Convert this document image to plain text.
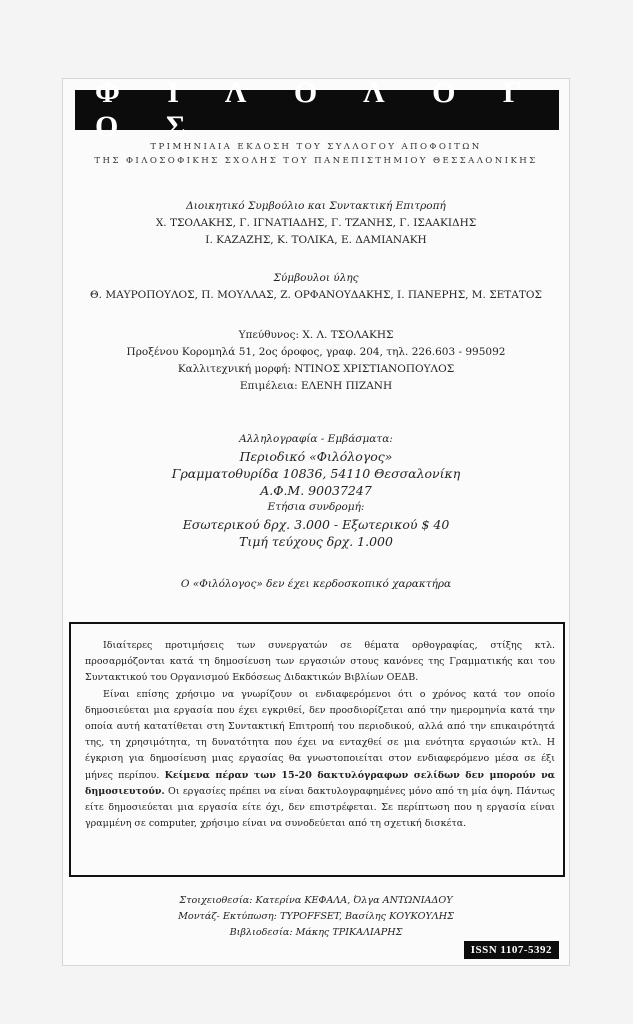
Φ Ι Λ Ο Λ Ο Γ Ο Σ
ΤΡΙΜΗΝΙΑΙΑ ΕΚΔΟΣΗ ΤΟΥ ΣΥΛΛΟΓΟΥ ΑΠΟΦΟΙΤΩΝ
ΤΗΣ ΦΙΛΟΣΟΦΙΚΗΣ ΣΧΟΛΗΣ ΤΟΥ ΠΑΝΕΠΙΣΤΗΜΙΟΥ ΘΕΣΣΑΛΟΝΙΚΗΣ
Διοικητικό Συμβούλιο και Συντακτική Επιτροπή
Χ. ΤΣΟΛΑΚΗΣ, Γ. ΙΓΝΑΤΙΑΔΗΣ, Γ. ΤΖΑΝΗΣ, Γ. ΙΣΑΑΚΙΔΗΣ
Ι. ΚΑΖΑΖΗΣ, Κ. ΤΟΛΙΚΑ, Ε. ΔΑΜΙΑΝΑΚΗ
Σύμβουλοι ύλης
Θ. ΜΑΥΡΟΠΟΥΛΟΣ, Π. ΜΟΥΛΛΑΣ, Ζ. ΟΡΦΑΝΟΥΔΑΚΗΣ, Ι. ΠΑΝΕΡΗΣ, Μ. ΣΕΤΑΤΟΣ
Υπεύθυνος: Χ. Λ. ΤΣΟΛΑΚΗΣ
Προξένου Κορομηλά 51, 2ος όροφος, γραφ. 204, τηλ. 226.603 - 995092
Καλλιτεχνική μορφή: ΝΤΙΝΟΣ ΧΡΙΣΤΙΑΝΟΠΟΥΛΟΣ
Επιμέλεια: ΕΛΕΝΗ ΠΙΖΑΝΗ
Αλληλογραφία - Εμβάσματα:
Περιοδικό «Φιλόλογος»
Γραμματοθυρίδα 10836, 54110 Θεσσαλονίκη
Α.Φ.Μ. 90037247
Ετήσια συνδρομή:
Εσωτερικού δρχ. 3.000 - Εξωτερικού $ 40
Τιμή τεύχους δρχ. 1.000
Ο «Φιλόλογος» δεν έχει κερδοσκοπικό χαρακτήρα

Ιδιαίτερες προτιμήσεις των συνεργατών σε θέματα ορθογραφίας, στίξης κτλ. προσαρμόζονται κατά τη δημοσίευση των εργασιών στους κανόνες της Γραμματικής και του Συντακτικού του Οργανισμού Εκδόσεως Διδακτικών Βιβλίων ΟΕΔΒ.

Είναι επίσης χρήσιμο να γνωρίζουν οι ενδιαφερόμενοι ότι ο χρόνος κατά τον οποίο δημοσιεύεται μια εργασία που έχει εγκριθεί, δεν προσδιορίζεται από την ημερομηνία κατά την οποία αυτή κατατίθεται στη Συντακτική Επιτροπή του περιοδικού, αλλά από την επικαιρότητά της, τη χρησιμότητα, τη δυνατότητα που έχει να ενταχθεί σε μια ενότητα εργασιών κτλ. Η έγκριση για δημοσίευση μιας εργασίας θα γνωστοποιείται στον ενδιαφερόμενο μέσα σε έξι μήνες περίπου. Κείμενα πέραν των 15-20 δακτυλόγραφων σελίδων δεν μπορούν να δημοσιευτούν. Οι εργασίες πρέπει να είναι δακτυλογραφημένες μόνο από τη μία όψη. Πάντως είτε δημοσιεύεται μια εργασία είτε όχι, δεν επιστρέφεται. Σε περίπτωση που η εργασία είναι γραμμένη σε computer, χρήσιμο είναι να συνοδεύεται από τη σχετική δισκέτα.

Στοιχειοθεσία: Κατερίνα ΚΕΦΑΛΑ, Όλγα ΑΝΤΩΝΙΑΔΟΥ
Μοντάζ- Εκτύπωση: TYPOFFSET, Βασίλης ΚΟΥΚΟΥΛΗΣ
Βιβλιοδεσία: Μάκης ΤΡΙΚΑΛΙΑΡΗΣ
ISSN 1107-5392
